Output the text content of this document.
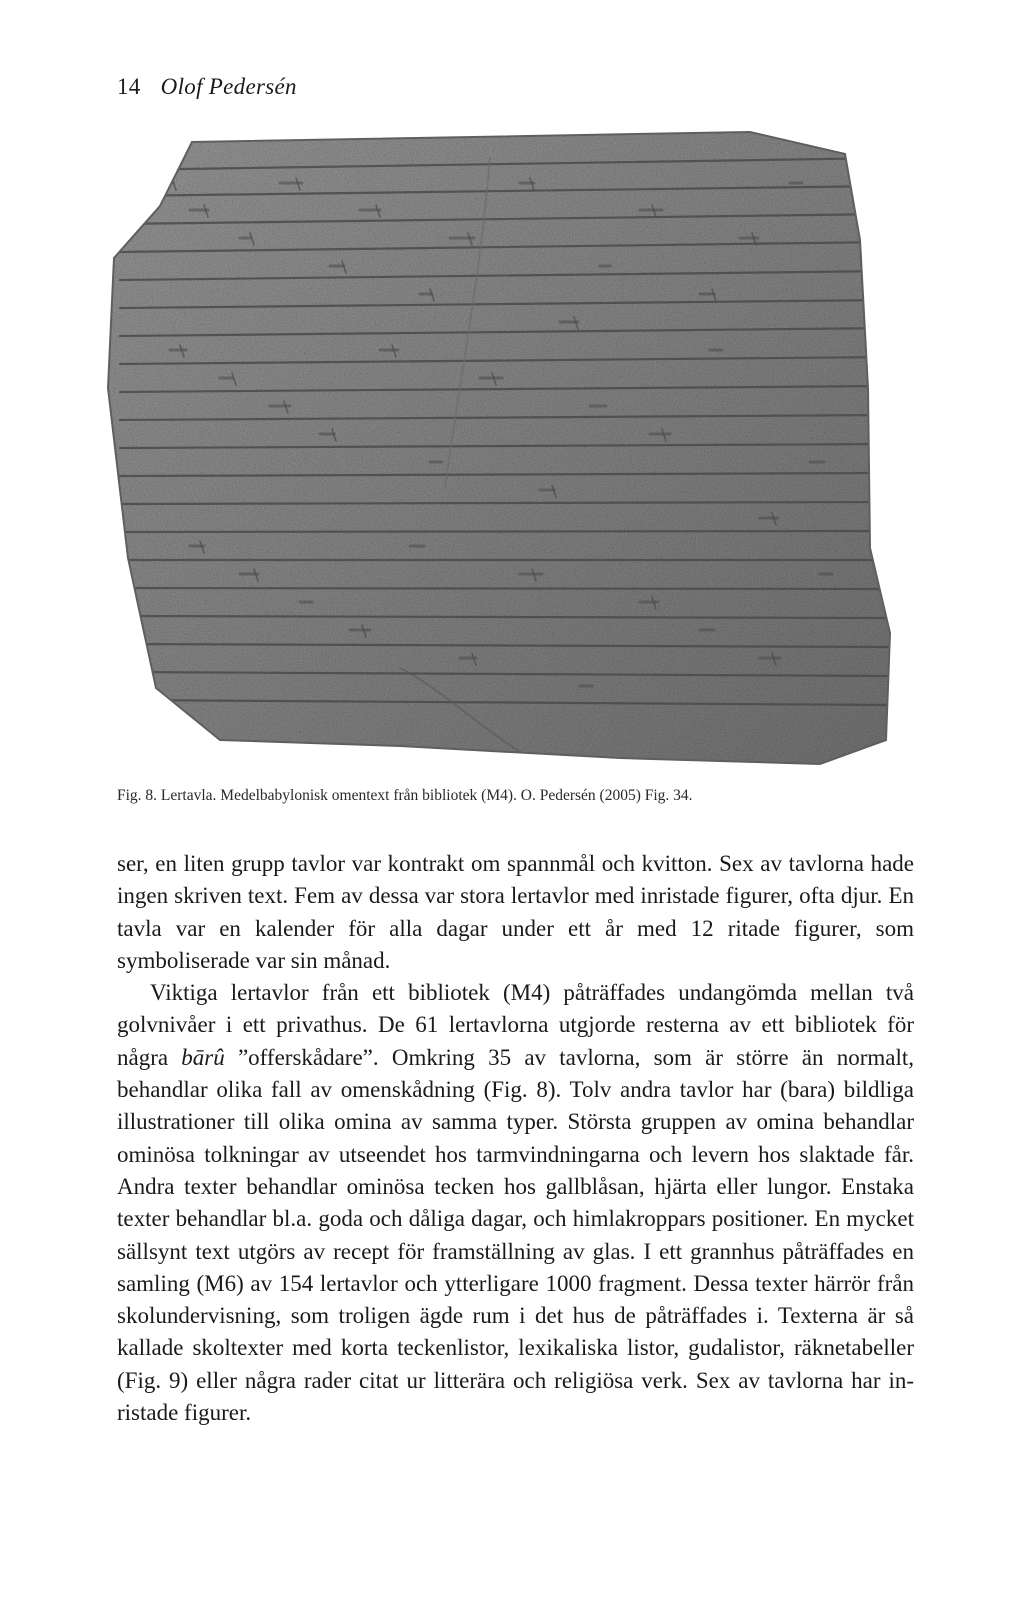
14 Olof Pedersén
Fig. 8. Lertavla. Medelbabylonisk omentext från bibliotek (M4). O. Pedersén (2005) Fig. 34.

ser, en liten grupp tavlor var kontrakt om spannmål och kvitton. Sex av tavlorna hade ingen skriven text. Fem av dessa var stora lertavlor med inristade figurer, ofta djur. En tavla var en kalender för alla dagar under ett år med 12 ritade figurer, som symboliserade var sin månad.

Viktiga lertavlor från ett bibliotek (M4) påträffades undangömda mellan två golvnivåer i ett privathus. De 61 lertavlorna utgjorde resterna av ett bibliotek för några bārû ”offerskådare”. Omkring 35 av tavlorna, som är större än normalt, behandlar olika fall av omenskådning (Fig. 8). Tolv andra tavlor har (bara) bildliga illustrationer till olika omina av samma typer. Största gruppen av omina behandlar ominösa tolkningar av utseendet hos tarmvindningarna och levern hos slaktade får. Andra texter behandlar ominösa tecken hos gallblåsan, hjärta eller lungor. Enstaka texter behandlar bl.a. goda och dåliga dagar, och himlakroppars positioner. En mycket sällsynt text utgörs av recept för framställning av glas. I ett grannhus påträffades en samling (M6) av 154 lertavlor och ytterligare 1000 fragment. Dessa texter härrör från skolundervisning, som troligen ägde rum i det hus de påträffades i. Texterna är så kallade skoltexter med korta teckenlistor, lexikaliska listor, gudalistor, räknetabeller (Fig. 9) eller några rader citat ur litterära och religiösa verk. Sex av tavlorna har inristade figurer.
